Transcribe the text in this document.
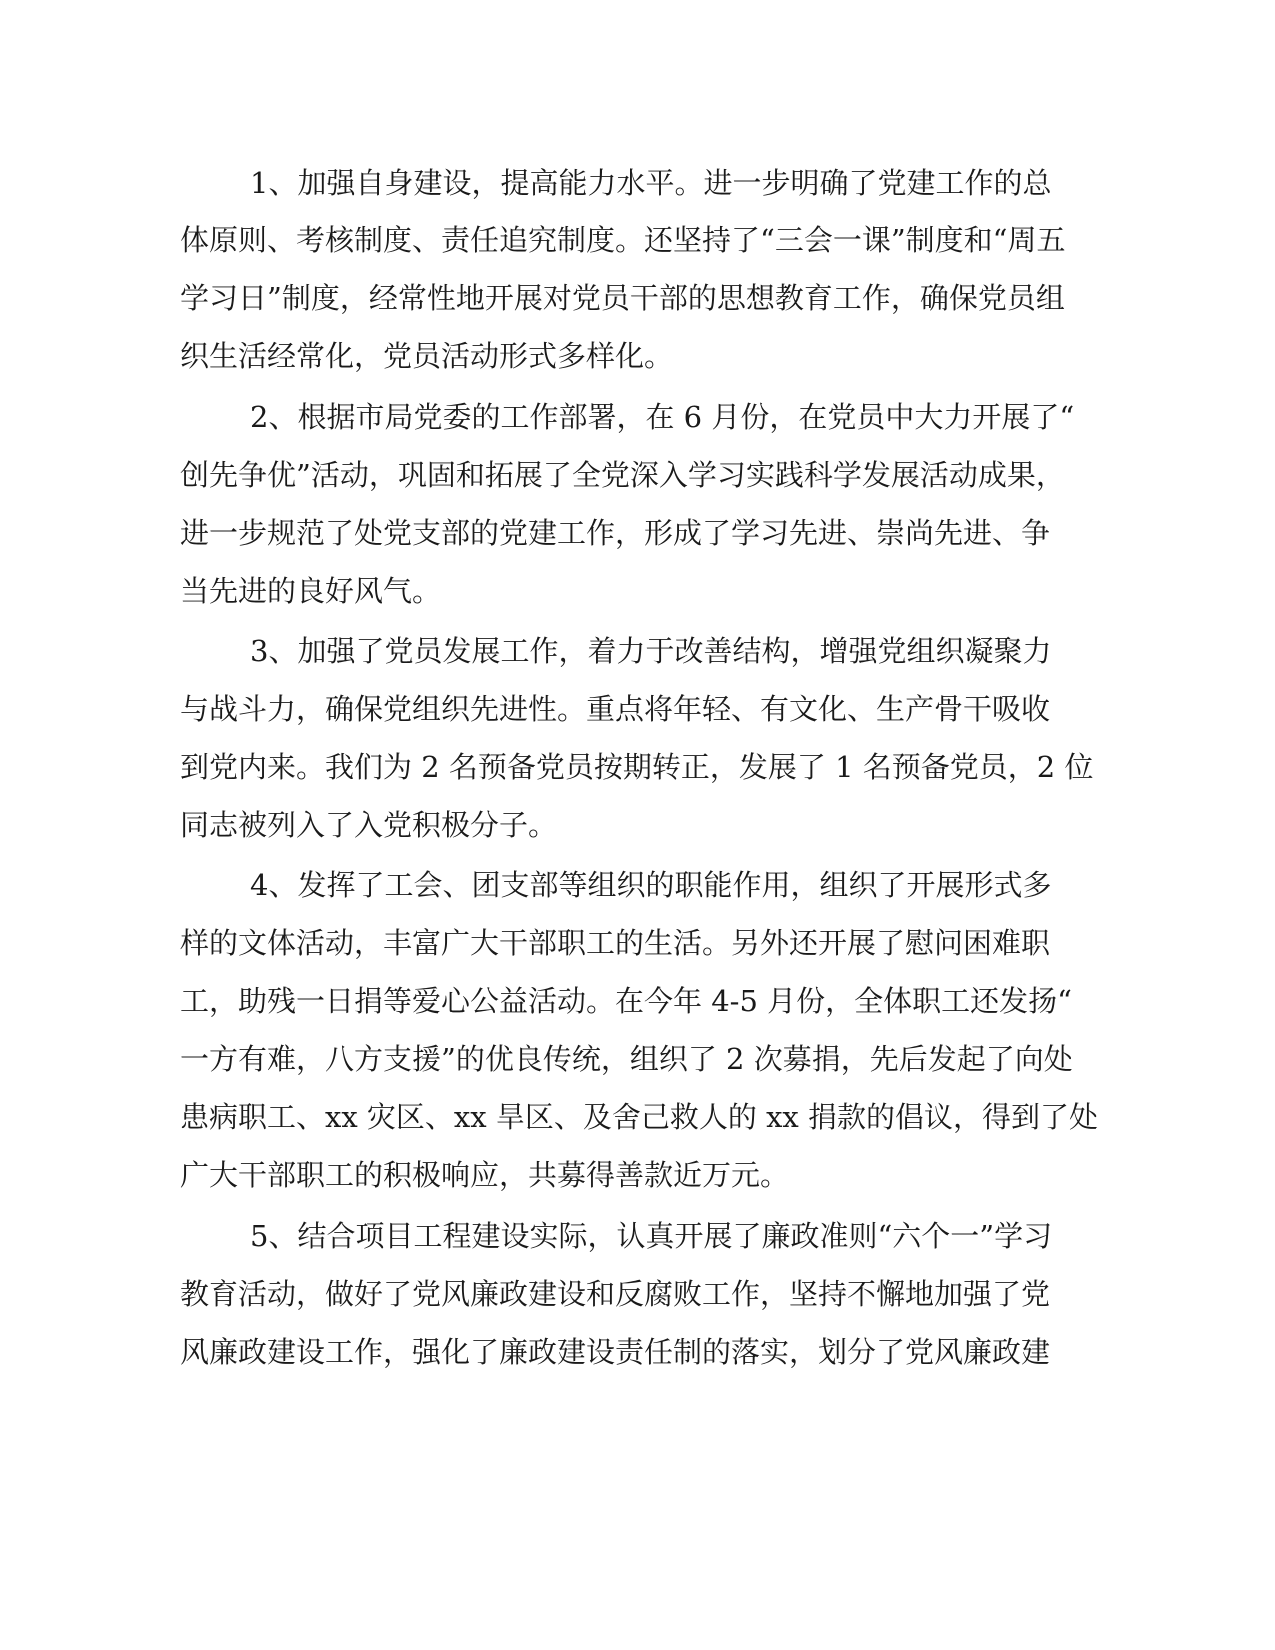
1、加强自身建设，提高能力水平。进一步明确了党建工作的总

体原则、考核制度、责任追究制度。还坚持了“三会一课”制度和“周五

学习日”制度，经常性地开展对党员干部的思想教育工作，确保党员组

织生活经常化，党员活动形式多样化。

2、根据市局党委的工作部署，在 6 月份，在党员中大力开展了“

创先争优”活动，巩固和拓展了全党深入学习实践科学发展活动成果，

进一步规范了处党支部的党建工作，形成了学习先进、崇尚先进、争

当先进的良好风气。

3、加强了党员发展工作，着力于改善结构，增强党组织凝聚力

与战斗力，确保党组织先进性。重点将年轻、有文化、生产骨干吸收

到党内来。我们为 2 名预备党员按期转正，发展了 1 名预备党员，2 位

同志被列入了入党积极分子。

4、发挥了工会、团支部等组织的职能作用，组织了开展形式多

样的文体活动，丰富广大干部职工的生活。另外还开展了慰问困难职

工，助残一日捐等爱心公益活动。在今年 4-5 月份，全体职工还发扬“

一方有难，八方支援”的优良传统，组织了 2 次募捐，先后发起了向处

患病职工、xx 灾区、xx 旱区、及舍己救人的 xx 捐款的倡议，得到了处

广大干部职工的积极响应，共募得善款近万元。

5、结合项目工程建设实际，认真开展了廉政准则“六个一”学习

教育活动，做好了党风廉政建设和反腐败工作，坚持不懈地加强了党

风廉政建设工作，强化了廉政建设责任制的落实，划分了党风廉政建
